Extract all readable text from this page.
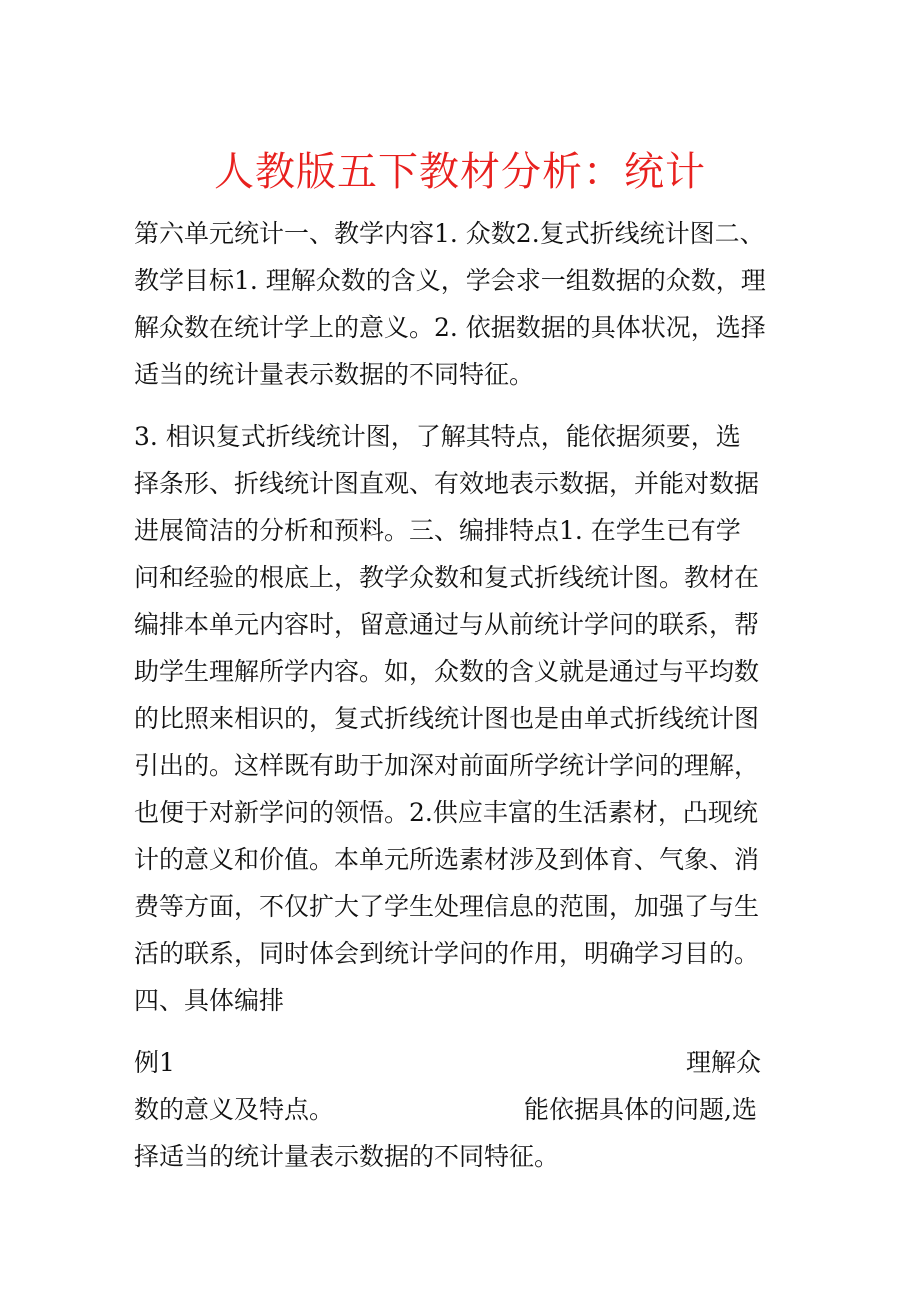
人教版五下教材分析：统计
第六单元统计一、教学内容1. 众数2.复式折线统计图二、
教学目标1. 理解众数的含义，学会求一组数据的众数，理
解众数在统计学上的意义。2. 依据数据的具体状况，选择
适当的统计量表示数据的不同特征。
3. 相识复式折线统计图，了解其特点，能依据须要，选
择条形、折线统计图直观、有效地表示数据，并能对数据
进展简洁的分析和预料。三、编排特点1. 在学生已有学
问和经验的根底上，教学众数和复式折线统计图。教材在
编排本单元内容时，留意通过与从前统计学问的联系，帮
助学生理解所学内容。如，众数的含义就是通过与平均数
的比照来相识的，复式折线统计图也是由单式折线统计图
引出的。这样既有助于加深对前面所学统计学问的理解，
也便于对新学问的领悟。2.供应丰富的生活素材，凸现统
计的意义和价值。本单元所选素材涉及到体育、气象、消
费等方面，不仅扩大了学生处理信息的范围，加强了与生
活的联系，同时体会到统计学问的作用，明确学习目的。
四、具体编排
例1	理解众
数的意义及特点。	能依据具体的问题,选
择适当的统计量表示数据的不同特征。
